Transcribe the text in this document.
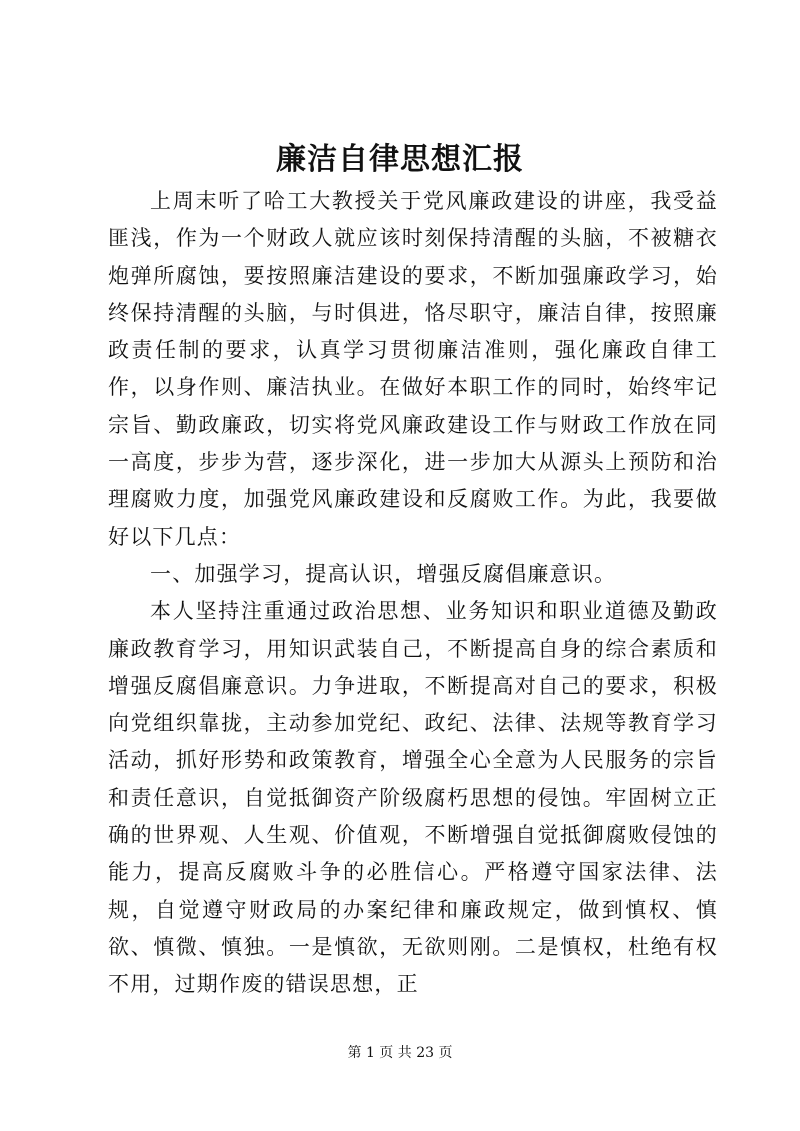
廉洁自律思想汇报

上周末听了哈工大教授关于党风廉政建设的讲座，我受益匪浅，作为一个财政人就应该时刻保持清醒的头脑，不被糖衣炮弹所腐蚀，要按照廉洁建设的要求，不断加强廉政学习，始终保持清醒的头脑，与时俱进，恪尽职守，廉洁自律，按照廉政责任制的要求，认真学习贯彻廉洁准则，强化廉政自律工作，以身作则、廉洁执业。在做好本职工作的同时，始终牢记宗旨、勤政廉政，切实将党风廉政建设工作与财政工作放在同一高度，步步为营，逐步深化，进一步加大从源头上预防和治理腐败力度，加强党风廉政建设和反腐败工作。为此，我要做好以下几点：

一、加强学习，提高认识，增强反腐倡廉意识。

本人坚持注重通过政治思想、业务知识和职业道德及勤政廉政教育学习，用知识武装自己，不断提高自身的综合素质和增强反腐倡廉意识。力争进取，不断提高对自己的要求，积极向党组织靠拢，主动参加党纪、政纪、法律、法规等教育学习活动，抓好形势和政策教育，增强全心全意为人民服务的宗旨和责任意识，自觉抵御资产阶级腐朽思想的侵蚀。牢固树立正确的世界观、人生观、价值观，不断增强自觉抵御腐败侵蚀的能力，提高反腐败斗争的必胜信心。严格遵守国家法律、法规，自觉遵守财政局的办案纪律和廉政规定，做到慎权、慎欲、慎微、慎独。一是慎欲，无欲则刚。二是慎权，杜绝有权不用，过期作废的错误思想，正

第 1 页 共 23 页
